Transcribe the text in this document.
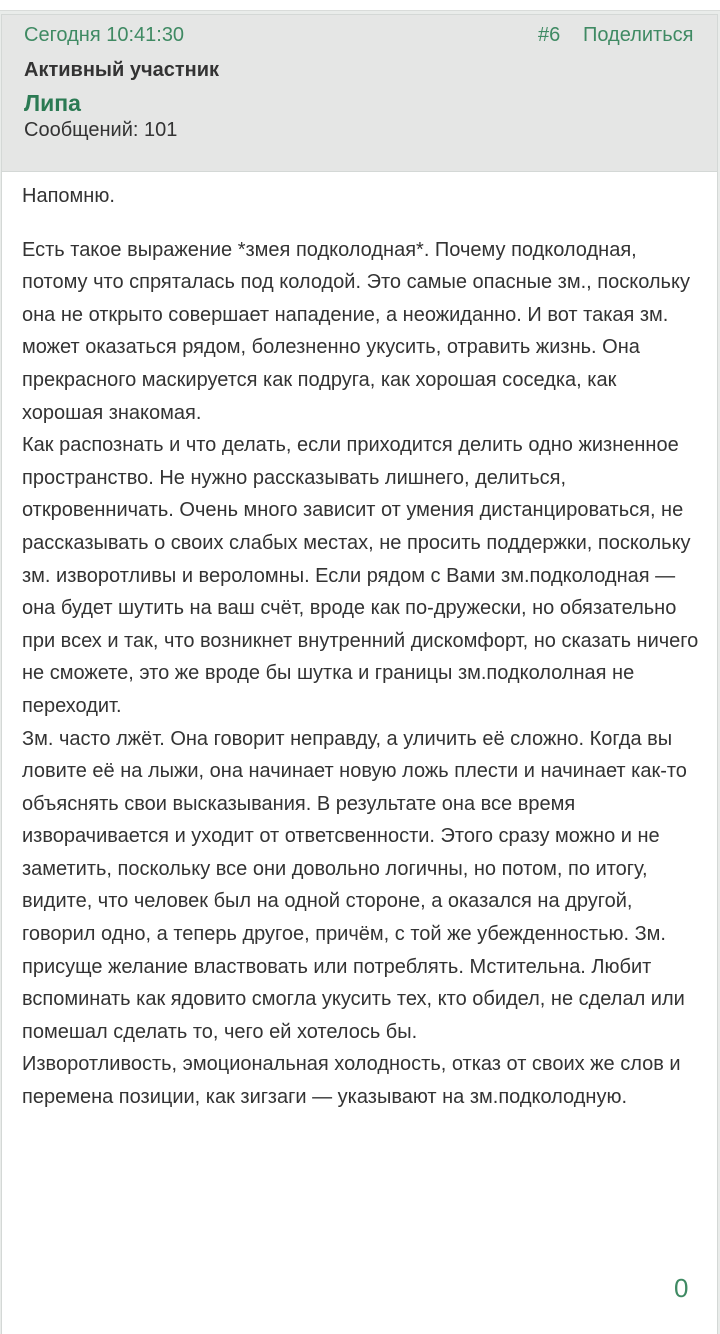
Сегодня 10:41:30	#6 Поделиться
Активный участник
Липа
Сообщений: 101

Напомню.

Есть такое выражение *змея подколодная*. Почему подколодная, потому что спряталась под колодой. Это самые опасные зм., поскольку она не открыто совершает нападение, а неожиданно. И вот такая зм. может оказаться рядом, болезненно укусить, отравить жизнь. Она прекрасного маскируется как подруга, как хорошая соседка, как хорошая знакомая.
Как распознать и что делать, если приходится делить одно жизненное пространство. Не нужно рассказывать лишнего, делиться, откровенничать. Очень много зависит от умения дистанцироваться, не рассказывать о своих слабых местах, не просить поддержки, поскольку зм. изворотливы и вероломны. Если рядом с Вами зм.подколодная — она будет шутить на ваш счёт, вроде как по-дружески, но обязательно при всех и так, что возникнет внутренний дискомфорт, но сказать ничего не сможете, это же вроде бы шутка и границы зм.подкололная не переходит.
Зм. часто лжёт. Она говорит неправду, а уличить её сложно. Когда вы ловите её на лыжи, она начинает новую ложь плести и начинает как-то объяснять свои высказывания. В результате она все время изворачивается и уходит от ответсвенности. Этого сразу можно и не заметить, поскольку все они довольно логичны, но потом, по итогу, видите, что человек был на одной стороне, а оказался на другой, говорил одно, а теперь другое, причём, с той же убежденностью. Зм. присуще желание властвовать или потреблять. Мстительна. Любит вспоминать как ядовито смогла укусить тех, кто обидел, не сделал или помешал сделать то, чего ей хотелось бы.
Изворотливость, эмоциональная холодность, отказ от своих же слов и перемена позиции, как зигзаги — указывают на зм.подколодную.

0
